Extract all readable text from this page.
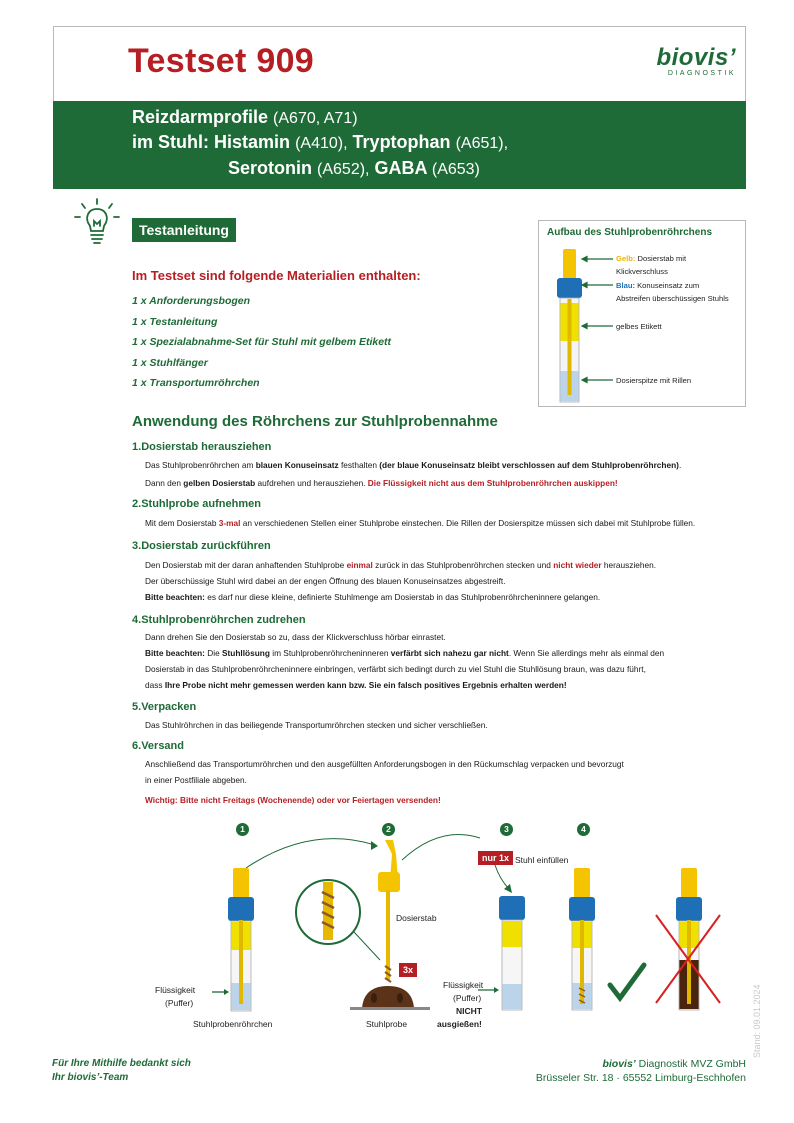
Testset 909	biovis’
DIAGNOSTIK
Reizdarmprofile (A670, A71)
im Stuhl: Histamin (A410), Tryptophan (A651),
Serotonin (A652), GABA (A653)
Testanleitung
Im Testset sind folgende Materialien enthalten:
1 x Anforderungsbogen
1 x Testanleitung
1 x Spezialabnahme-Set für Stuhl mit gelbem Etikett
1 x Stuhlfänger
1 x Transportumröhrchen
Aufbau des Stuhlprobenröhrchens
Gelb: Dosierstab mit
Klickverschluss
Blau: Konuseinsatz zum
Abstreifen überschüssigen Stuhls
gelbes Etikett
Dosierspitze mit Rillen
Anwendung des Röhrchens zur Stuhlprobennahme
1.Dosierstab herausziehen
Das Stuhlprobenröhrchen am blauen Konuseinsatz festhalten (der blaue Konuseinsatz bleibt verschlossen auf dem Stuhlprobenröhrchen).
Dann den gelben Dosierstab aufdrehen und herausziehen. Die Flüssigkeit nicht aus dem Stuhlprobenröhrchen auskippen!
2.Stuhlprobe aufnehmen
Mit dem Dosierstab 3-mal an verschiedenen Stellen einer Stuhlprobe einstechen. Die Rillen der Dosierspitze müssen sich dabei mit Stuhlprobe füllen.
3.Dosierstab zurückführen
Den Dosierstab mit der daran anhaftenden Stuhlprobe einmal zurück in das Stuhlprobenröhrchen stecken und nicht wieder herausziehen.
Der überschüssige Stuhl wird dabei an der engen Öffnung des blauen Konuseinsatzes abgestreift.
Bitte beachten: es darf nur diese kleine, definierte Stuhlmenge am Dosierstab in das Stuhlprobenröhrcheninnere gelangen.
4.Stuhlprobenröhrchen zudrehen
Dann drehen Sie den Dosierstab so zu, dass der Klickverschluss hörbar einrastet.
Bitte beachten: Die Stuhllösung im Stuhlprobenröhrcheninneren verfärbt sich nahezu gar nicht. Wenn Sie allerdings mehr als einmal den
Dosierstab in das Stuhlprobenröhrcheninnere einbringen, verfärbt sich bedingt durch zu viel Stuhl die Stuhllösung braun, was dazu führt,
dass Ihre Probe nicht mehr gemessen werden kann bzw. Sie ein falsch positives Ergebnis erhalten werden!
5.Verpacken
Das Stuhlröhrchen in das beiliegende Transportumröhrchen stecken und sicher verschließen.
6.Versand
Anschließend das Transportumröhrchen und den ausgefüllten Anforderungsbogen in den Rückumschlag verpacken und bevorzugt
in einer Postfiliale abgeben.
Wichtig: Bitte nicht Freitags (Wochenende) oder vor Feiertagen versenden!
1	2	3	4
Flüssigkeit
(Puffer)
Stuhlprobenröhrchen
Dosierstab
3x
Stuhlprobe
nur 1x Stuhl einfüllen
Flüssigkeit
(Puffer)
NICHT
ausgießen!
Für Ihre Mithilfe bedankt sich
Ihr biovis’-Team
biovis’ Diagnostik MVZ GmbH
Brüsseler Str. 18 · 65552 Limburg-Eschhofen
Stand: 09.01.2024
